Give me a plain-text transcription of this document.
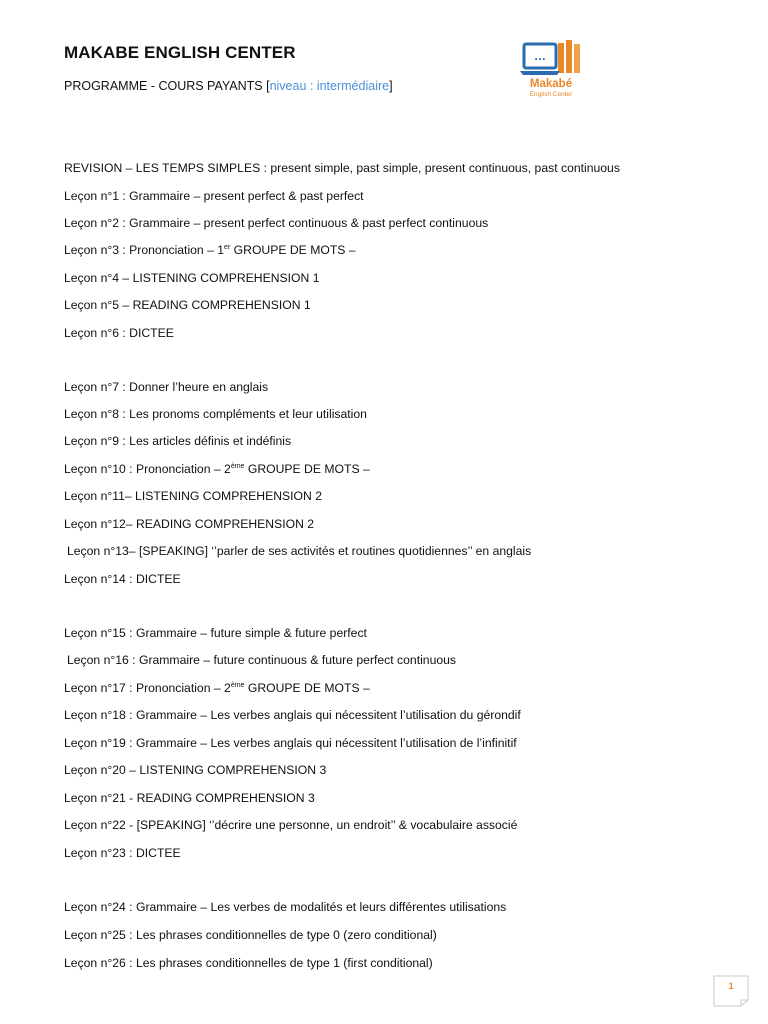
MAKABE ENGLISH CENTER
PROGRAMME - COURS PAYANTS [niveau : intermédiaire]
...
Makabé
English Center
REVISION – LES TEMPS SIMPLES : present simple, past simple, present continuous, past continuous
Leçon n°1 : Grammaire – present perfect & past perfect
Leçon n°2 : Grammaire – present perfect continuous & past perfect continuous
Leçon n°3 : Prononciation – 1er GROUPE DE MOTS –
Leçon n°4 – LISTENING COMPREHENSION 1
Leçon n°5 – READING COMPREHENSION 1
Leçon n°6 : DICTEE
Leçon n°7 : Donner l’heure en anglais
Leçon n°8 : Les pronoms compléments et leur utilisation
Leçon n°9 : Les articles définis et indéfinis
Leçon n°10 : Prononciation – 2ème GROUPE DE MOTS –
Leçon n°11– LISTENING COMPREHENSION 2
Leçon n°12– READING COMPREHENSION 2
Leçon n°13– [SPEAKING] ‘’parler de ses activités et routines quotidiennes’’ en anglais
Leçon n°14 : DICTEE
Leçon n°15 : Grammaire – future simple & future perfect
Leçon n°16 : Grammaire – future continuous & future perfect continuous
Leçon n°17 : Prononciation – 2ème GROUPE DE MOTS –
Leçon n°18 : Grammaire – Les verbes anglais qui nécessitent l’utilisation du gérondif
Leçon n°19 : Grammaire – Les verbes anglais qui nécessitent l’utilisation de l’infinitif
Leçon n°20 – LISTENING COMPREHENSION 3
Leçon n°21 - READING COMPREHENSION 3
Leçon n°22 - [SPEAKING] ‘’décrire une personne, un endroit’’ & vocabulaire associé
Leçon n°23 : DICTEE
Leçon n°24 : Grammaire – Les verbes de modalités et leurs différentes utilisations
Leçon n°25 : Les phrases conditionnelles de type 0 (zero conditional)
Leçon n°26 : Les phrases conditionnelles de type 1 (first conditional)
1
